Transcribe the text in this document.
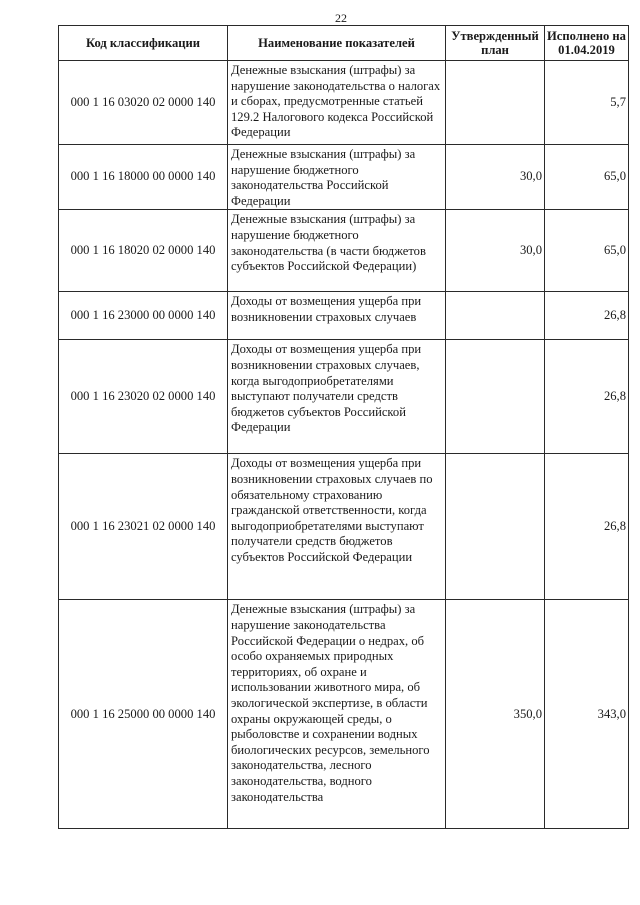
22
Код классификации	Наименование показателей	Утвержденный план	Исполнено на 01.04.2019
000 1 16 03020 02 0000 140	Денежные взыскания (штрафы) за нарушение законодательства о налогах и сборах, предусмотренные статьей 129.2 Налогового кодекса Российской Федерации		5,7
000 1 16 18000 00 0000 140	Денежные взыскания (штрафы) за нарушение бюджетного законодательства Российской Федерации	30,0	65,0
000 1 16 18020 02 0000 140	Денежные взыскания (штрафы) за нарушение бюджетного законодательства (в части бюджетов субъектов Российской Федерации)	30,0	65,0
000 1 16 23000 00 0000 140	Доходы от возмещения ущерба при возникновении страховых случаев		26,8
000 1 16 23020 02 0000 140	Доходы от возмещения ущерба при возникновении страховых случаев, когда выгодоприобретателями выступают получатели средств бюджетов субъектов Российской Федерации		26,8
000 1 16 23021 02 0000 140	Доходы от возмещения ущерба при возникновении страховых случаев по обязательному страхованию гражданской ответственности, когда выгодоприобретателями выступают получатели средств бюджетов субъектов Российской Федерации		26,8
000 1 16 25000 00 0000 140	Денежные взыскания (штрафы) за нарушение законодательства Российской Федерации о недрах, об особо охраняемых природных территориях, об охране и использовании животного мира, об экологической экспертизе, в области охраны окружающей среды, о рыболовстве и сохранении водных биологических ресурсов, земельного законодательства, лесного законодательства, водного законодательства	350,0	343,0
